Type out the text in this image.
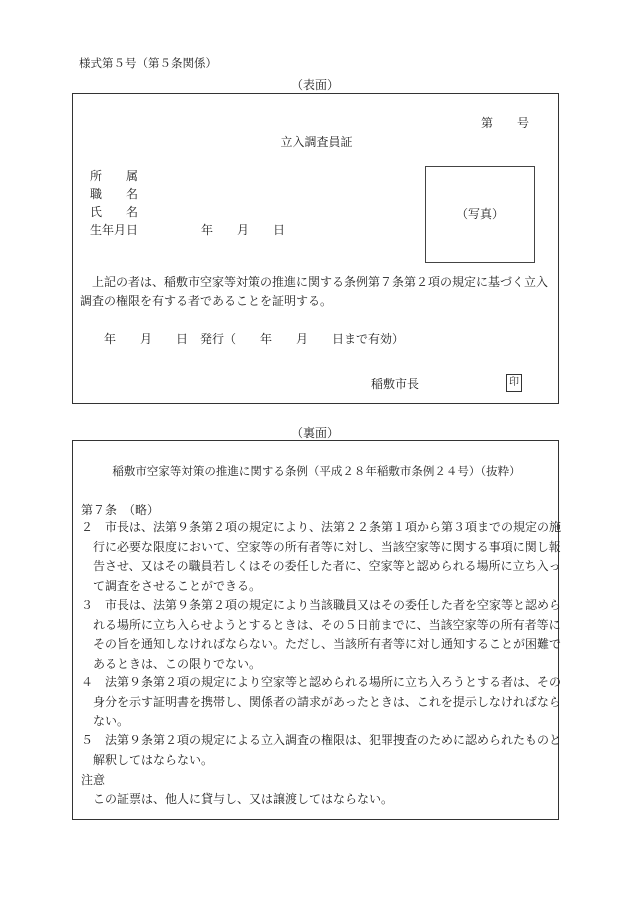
様式第５号（第５条関係）
（表面）
第　　号
立入調査員証
所　　属
職　　名
氏　　名
生年月日	年　　月　　日
（写真）
上記の者は、稲敷市空家等対策の推進に関する条例第７条第２項の規定に基づく立入調査の権限を有する者であることを証明する。
年　　月　　日　発行（　　年　　月　　日まで有効）
稲敷市長	印
（裏面）
稲敷市空家等対策の推進に関する条例（平成２８年稲敷市条例２４号）（抜粋）
第７条　（略）
２　 市長は、法第９条第２項の規定により、法第２２条第１項から第３項までの規定の施行に必要な限度において、空家等の所有者等に対し、当該空家等に関する事項に関し報告させ、又はその職員若しくはその委任した者に、空家等と認められる場所に立ち入って調査をさせることができる。
３　 市長は、法第９条第２項の規定により当該職員又はその委任した者を空家等と認められる場所に立ち入らせようとするときは、その５日前までに、当該空家等の所有者等にその旨を通知しなければならない。ただし、当該所有者等に対し通知することが困難であるときは、この限りでない。
４　 法第９条第２項の規定により空家等と認められる場所に立ち入ろうとする者は、その身分を示す証明書を携帯し、関係者の請求があったときは、これを提示しなければならない。
５　 法第９条第２項の規定による立入調査の権限は、犯罪捜査のために認められたものと解釈してはならない。
注意
この証票は、他人に貸与し、又は譲渡してはならない。
